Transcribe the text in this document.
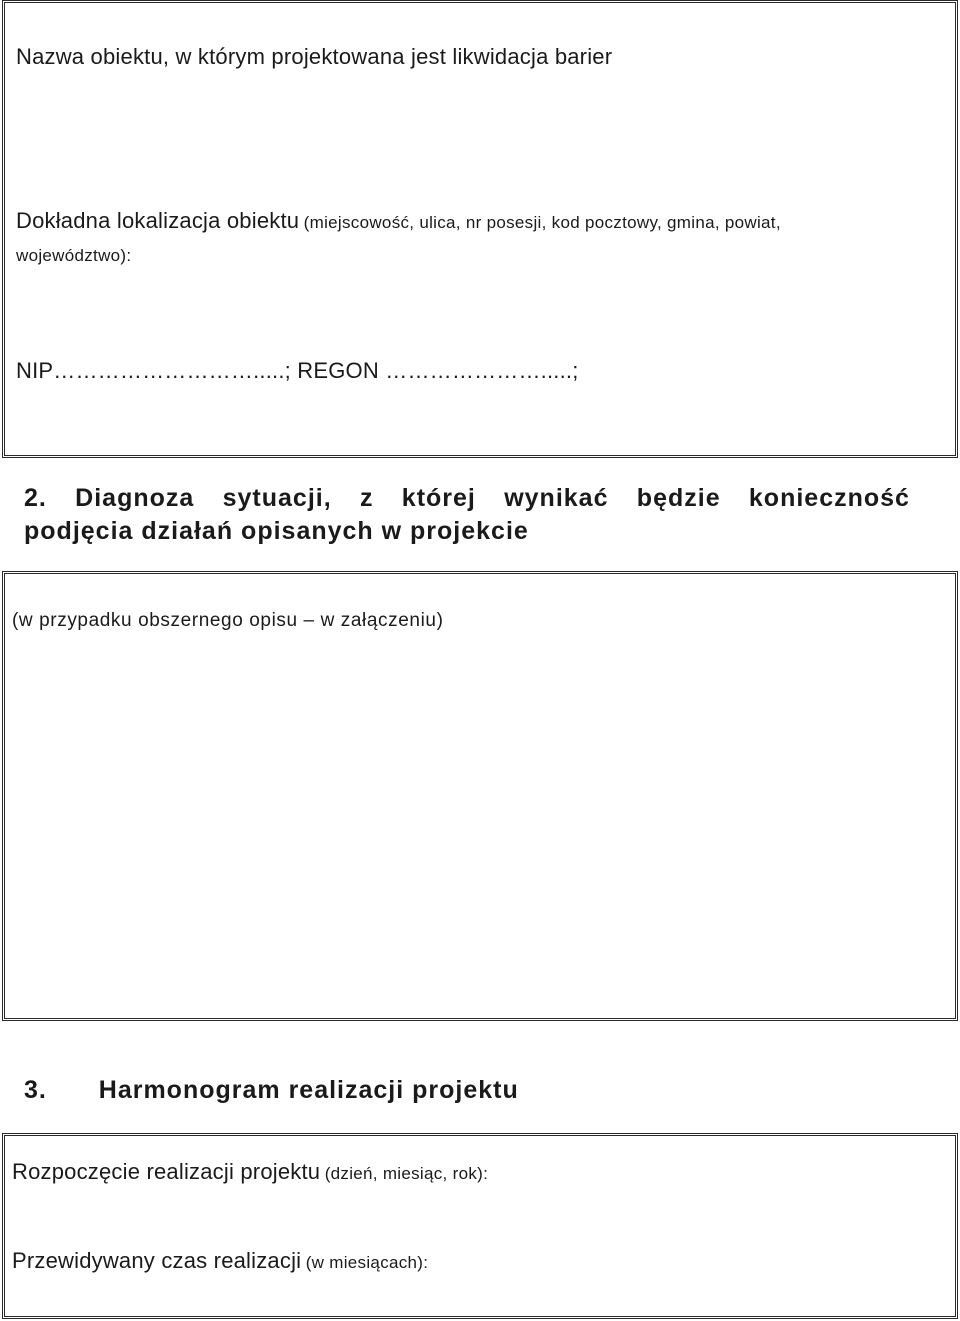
Nazwa obiektu, w którym projektowana jest likwidacja barier
Dokładna lokalizacja obiektu (miejscowość, ulica, nr posesji, kod pocztowy, gmina, powiat,
województwo):
NIP……………………….....; REGON ………………….....;
2. Diagnoza sytuacji, z której wynikać będzie konieczność
podjęcia działań opisanych w projekcie
(w przypadku obszernego opisu – w załączeniu)
3. Harmonogram realizacji projektu
Rozpoczęcie realizacji projektu (dzień, miesiąc, rok):
Przewidywany czas realizacji (w miesiącach):
